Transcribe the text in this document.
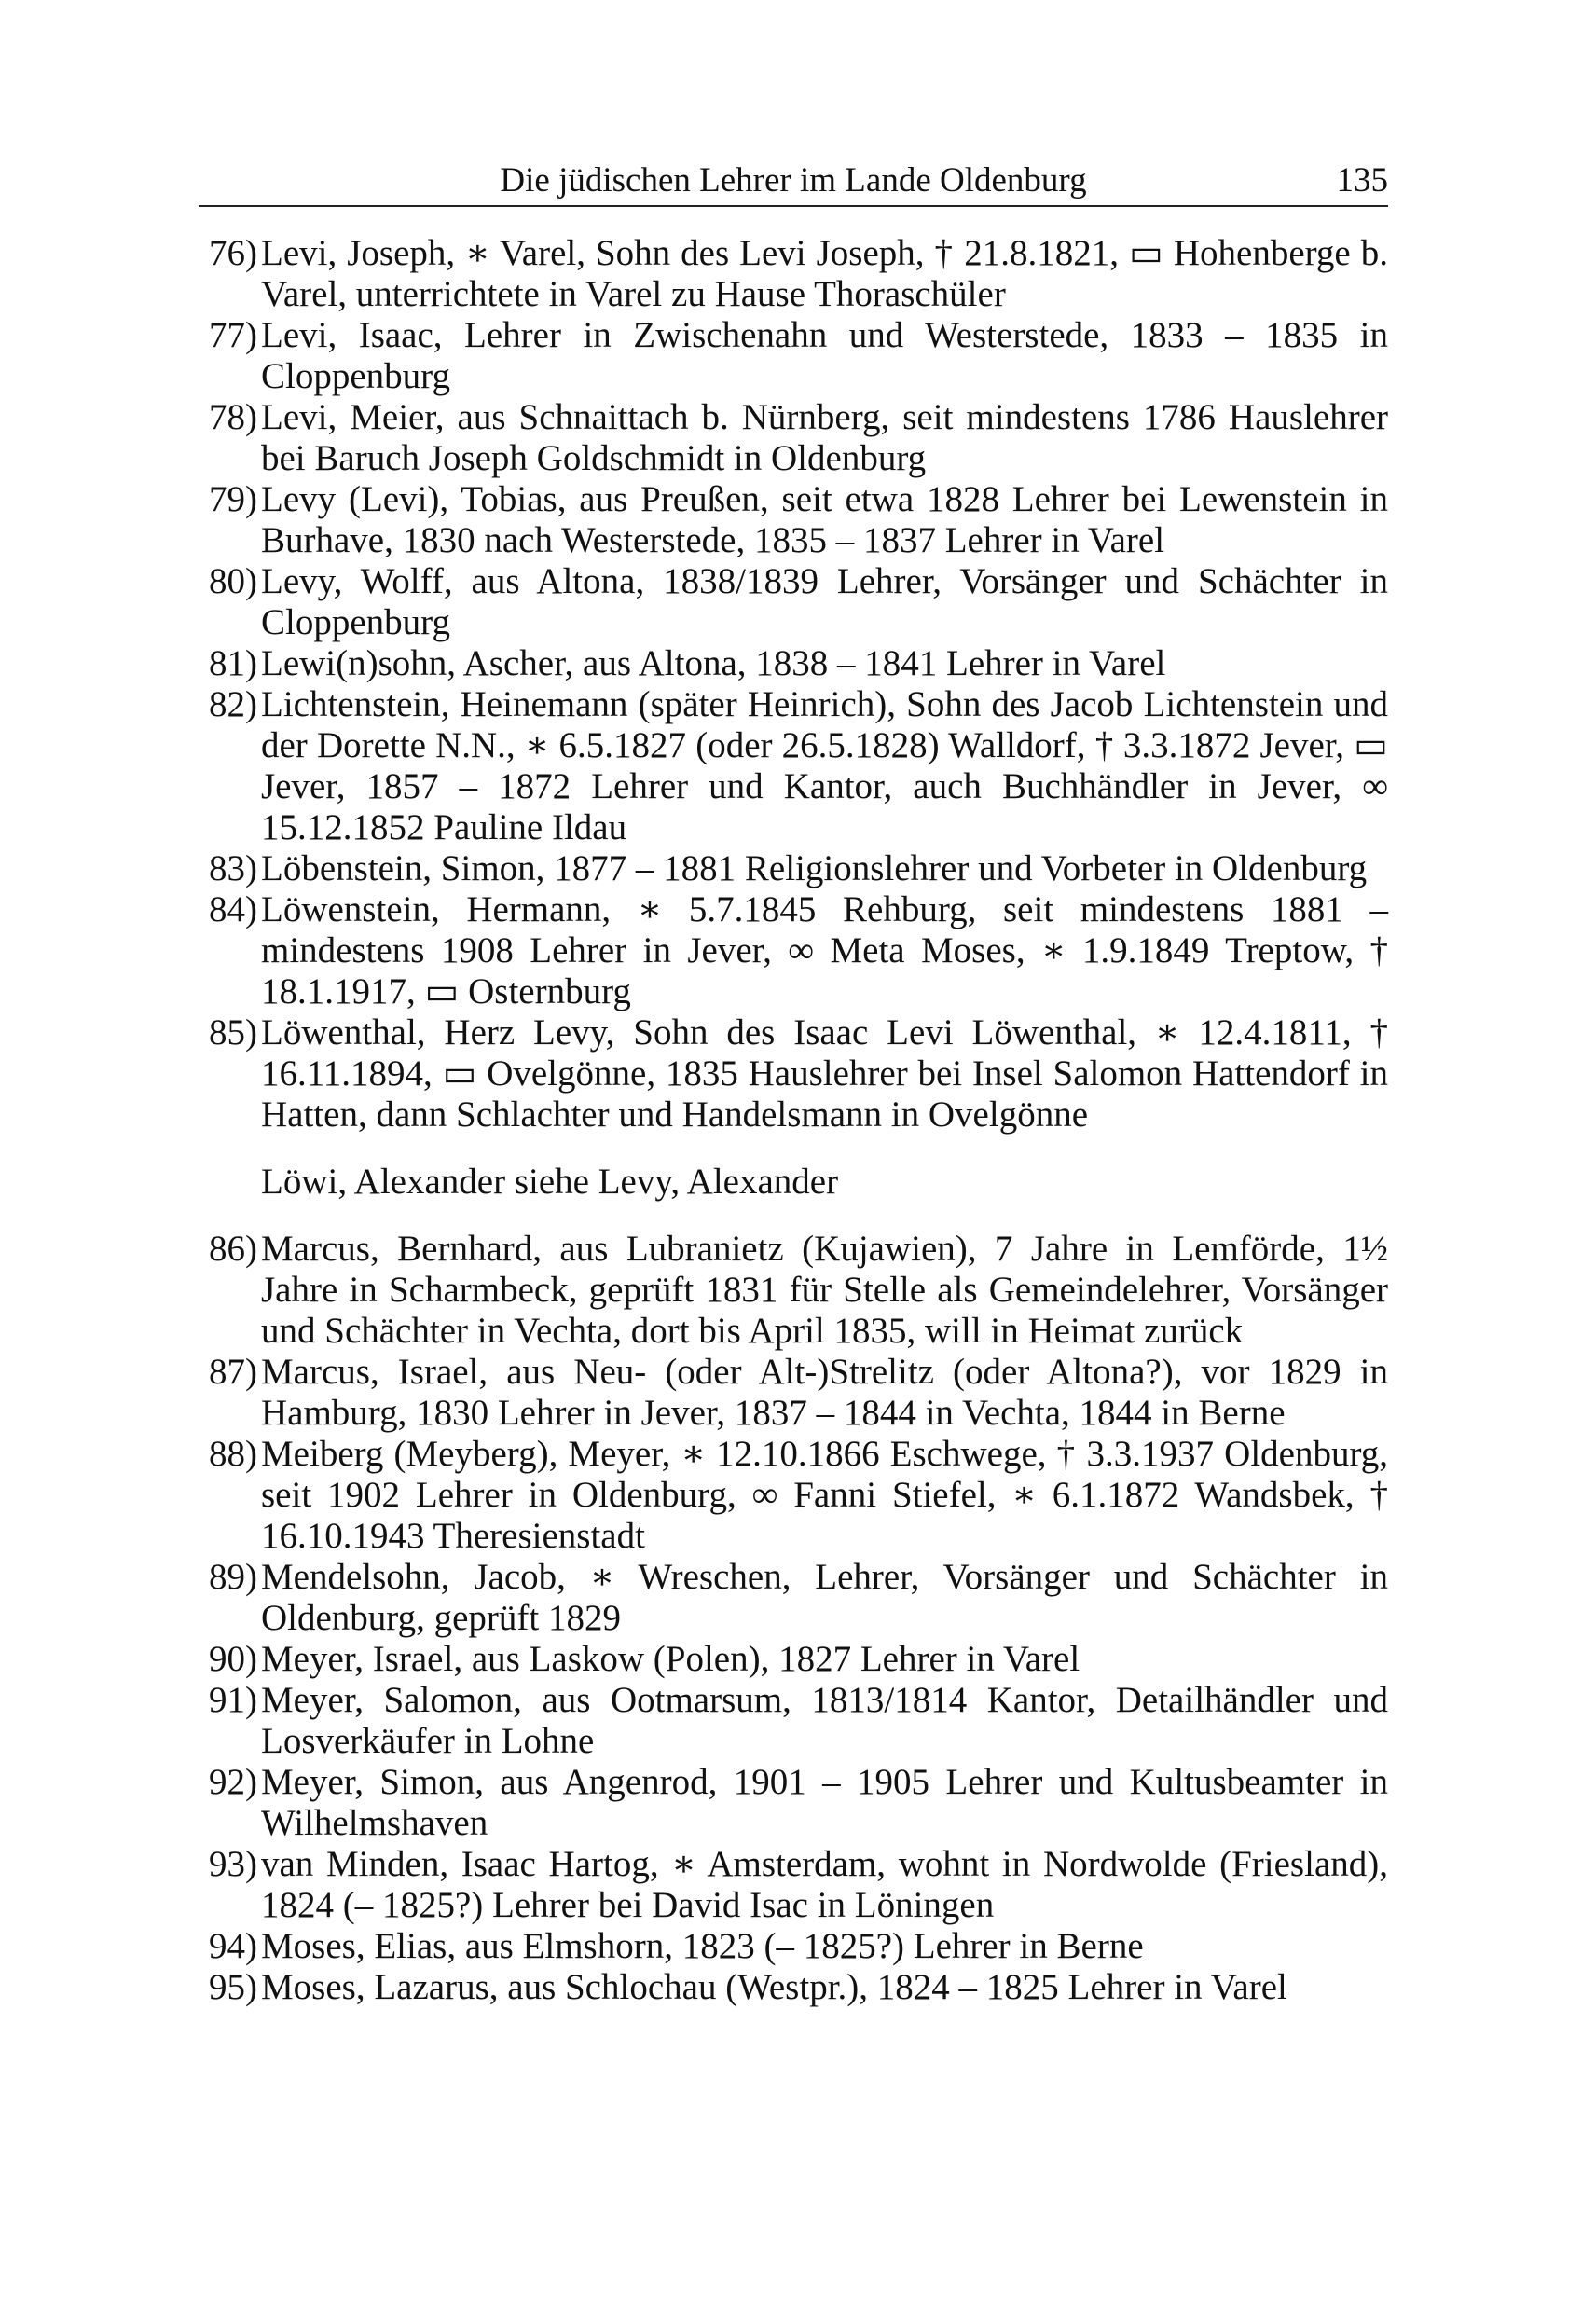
Die jüdischen Lehrer im Lande Oldenburg	135
76) Levi, Joseph, ∗ Varel, Sohn des Levi Joseph, † 21.8.1821, ▭ Hohenberge b. Varel, unterrichtete in Varel zu Hause Thoraschüler
77) Levi, Isaac, Lehrer in Zwischenahn und Westerstede, 1833 – 1835 in Cloppenburg
78) Levi, Meier, aus Schnaittach b. Nürnberg, seit mindestens 1786 Hauslehrer bei Baruch Joseph Goldschmidt in Oldenburg
79) Levy (Levi), Tobias, aus Preußen, seit etwa 1828 Lehrer bei Lewenstein in Burhave, 1830 nach Westerstede, 1835 – 1837 Lehrer in Varel
80) Levy, Wolff, aus Altona, 1838/1839 Lehrer, Vorsänger und Schächter in Cloppenburg
81) Lewi(n)sohn, Ascher, aus Altona, 1838 – 1841 Lehrer in Varel
82) Lichtenstein, Heinemann (später Heinrich), Sohn des Jacob Lichtenstein und der Dorette N.N., ∗ 6.5.1827 (oder 26.5.1828) Walldorf, † 3.3.1872 Jever, ▭ Jever, 1857 – 1872 Lehrer und Kantor, auch Buchhändler in Jever, ∞ 15.12.1852 Pauline Ildau
83) Löbenstein, Simon, 1877 – 1881 Religionslehrer und Vorbeter in Oldenburg
84) Löwenstein, Hermann, ∗ 5.7.1845 Rehburg, seit mindestens 1881 – mindestens 1908 Lehrer in Jever, ∞ Meta Moses, ∗ 1.9.1849 Treptow, † 18.1.1917, ▭ Osternburg
85) Löwenthal, Herz Levy, Sohn des Isaac Levi Löwenthal, ∗ 12.4.1811, † 16.11.1894, ▭ Ovelgönne, 1835 Hauslehrer bei Insel Salomon Hattendorf in Hatten, dann Schlachter und Handelsmann in Ovelgönne
Löwi, Alexander siehe Levy, Alexander
86) Marcus, Bernhard, aus Lubranietz (Kujawien), 7 Jahre in Lemförde, 1½ Jahre in Scharmbeck, geprüft 1831 für Stelle als Gemeindelehrer, Vorsänger und Schächter in Vechta, dort bis April 1835, will in Heimat zurück
87) Marcus, Israel, aus Neu- (oder Alt-)Strelitz (oder Altona?), vor 1829 in Hamburg, 1830 Lehrer in Jever, 1837 – 1844 in Vechta, 1844 in Berne
88) Meiberg (Meyberg), Meyer, ∗ 12.10.1866 Eschwege, † 3.3.1937 Oldenburg, seit 1902 Lehrer in Oldenburg, ∞ Fanni Stiefel, ∗ 6.1.1872 Wandsbek, † 16.10.1943 Theresienstadt
89) Mendelsohn, Jacob, ∗ Wreschen, Lehrer, Vorsänger und Schächter in Oldenburg, geprüft 1829
90) Meyer, Israel, aus Laskow (Polen), 1827 Lehrer in Varel
91) Meyer, Salomon, aus Ootmarsum, 1813/1814 Kantor, Detailhändler und Losverkäufer in Lohne
92) Meyer, Simon, aus Angenrod, 1901 – 1905 Lehrer und Kultusbeamter in Wilhelmshaven
93) van Minden, Isaac Hartog, ∗ Amsterdam, wohnt in Nordwolde (Friesland), 1824 (– 1825?) Lehrer bei David Isac in Löningen
94) Moses, Elias, aus Elmshorn, 1823 (– 1825?) Lehrer in Berne
95) Moses, Lazarus, aus Schlochau (Westpr.), 1824 – 1825 Lehrer in Varel
